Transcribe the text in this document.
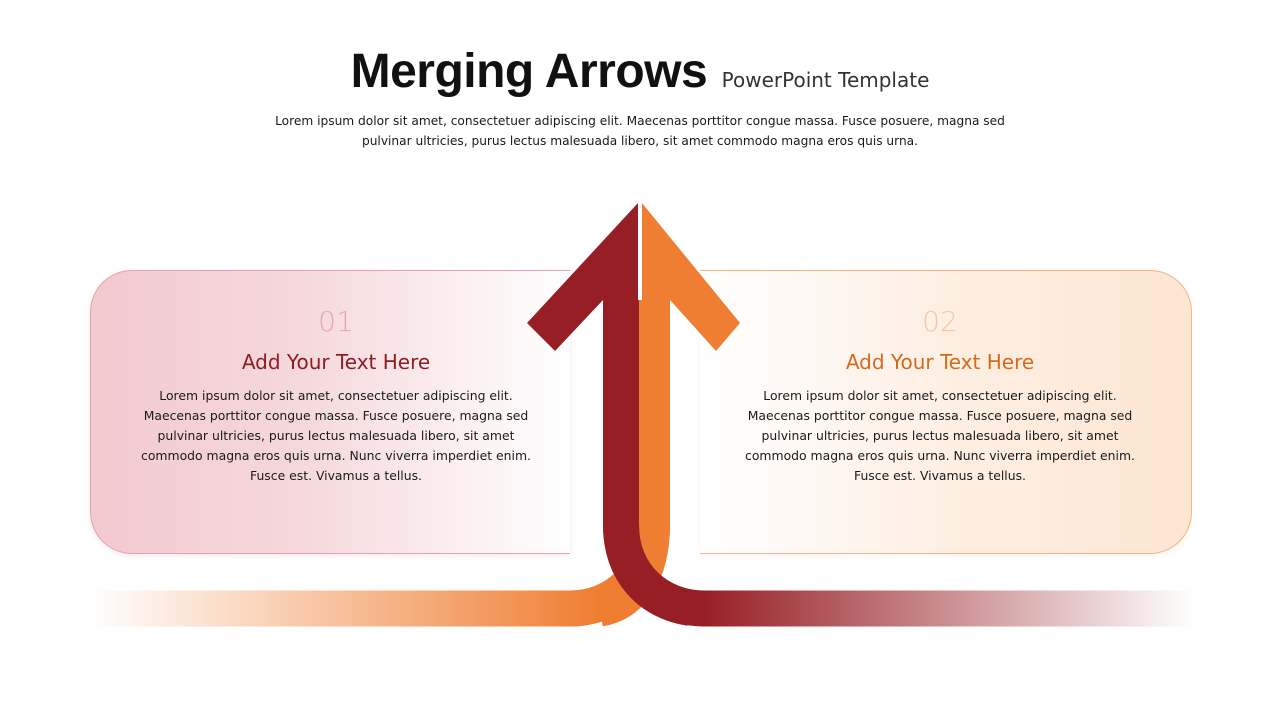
Merging Arrows PowerPoint Template
Lorem ipsum dolor sit amet, consectetuer adipiscing elit. Maecenas porttitor congue massa. Fusce posuere, magna sed pulvinar ultricies, purus lectus malesuada libero, sit amet commodo magna eros quis urna.
01
Add Your Text Here
Lorem ipsum dolor sit amet, consectetuer adipiscing elit. Maecenas porttitor congue massa. Fusce posuere, magna sed pulvinar ultricies, purus lectus malesuada libero, sit amet commodo magna eros quis urna. Nunc viverra imperdiet enim. Fusce est. Vivamus a tellus.
02
Add Your Text Here
Lorem ipsum dolor sit amet, consectetuer adipiscing elit. Maecenas porttitor congue massa. Fusce posuere, magna sed pulvinar ultricies, purus lectus malesuada libero, sit amet commodo magna eros quis urna. Nunc viverra imperdiet enim. Fusce est. Vivamus a tellus.
